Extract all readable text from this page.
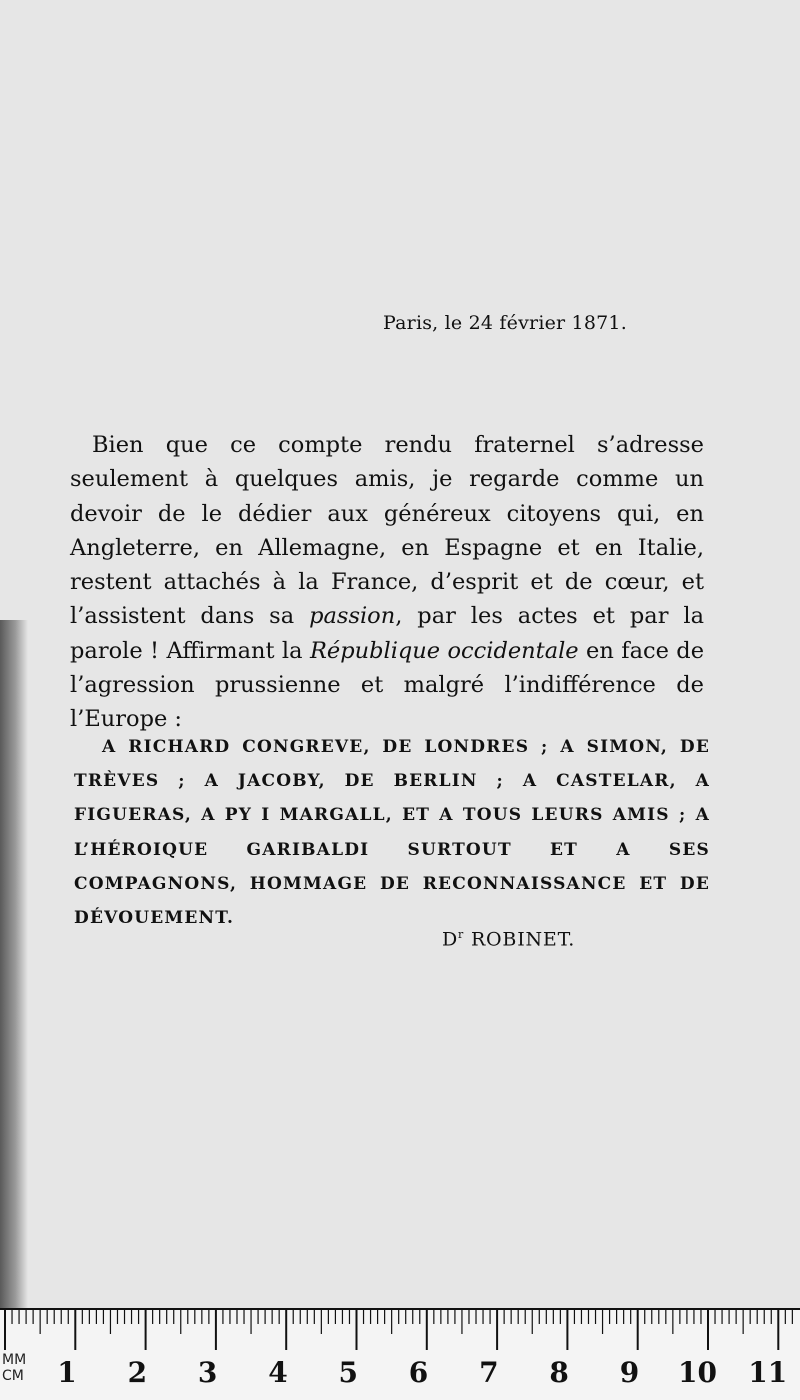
Paris, le 24 février 1871.

Bien que ce compte rendu fraternel s’adresse seulement à quelques amis, je regarde comme un devoir de le dédier aux généreux citoyens qui, en Angleterre, en Allemagne, en Espagne et en Italie, restent attachés à la France, d’esprit et de cœur, et l’assistent dans sa passion, par les actes et par la parole ! Affirmant la République occidentale en face de l’agression prussienne et malgré l’indifférence de l’Europe :

A RICHARD CONGREVE, DE LONDRES ; A SIMON, DE TRÈVES ; A JACOBY, DE BERLIN ; A CASTELAR, A FIGUERAS, A PY I MARGALL, ET A TOUS LEURS AMIS ; A L’HÉROIQUE GARIBALDI SURTOUT ET A SES COMPAGNONS, HOMMAGE DE RECONNAISSANCE ET DE DÉVOUEMENT.

$D^r$ ROBINET.
MM
CM 1 2 3 4 5 6 7 8 9 10 11
